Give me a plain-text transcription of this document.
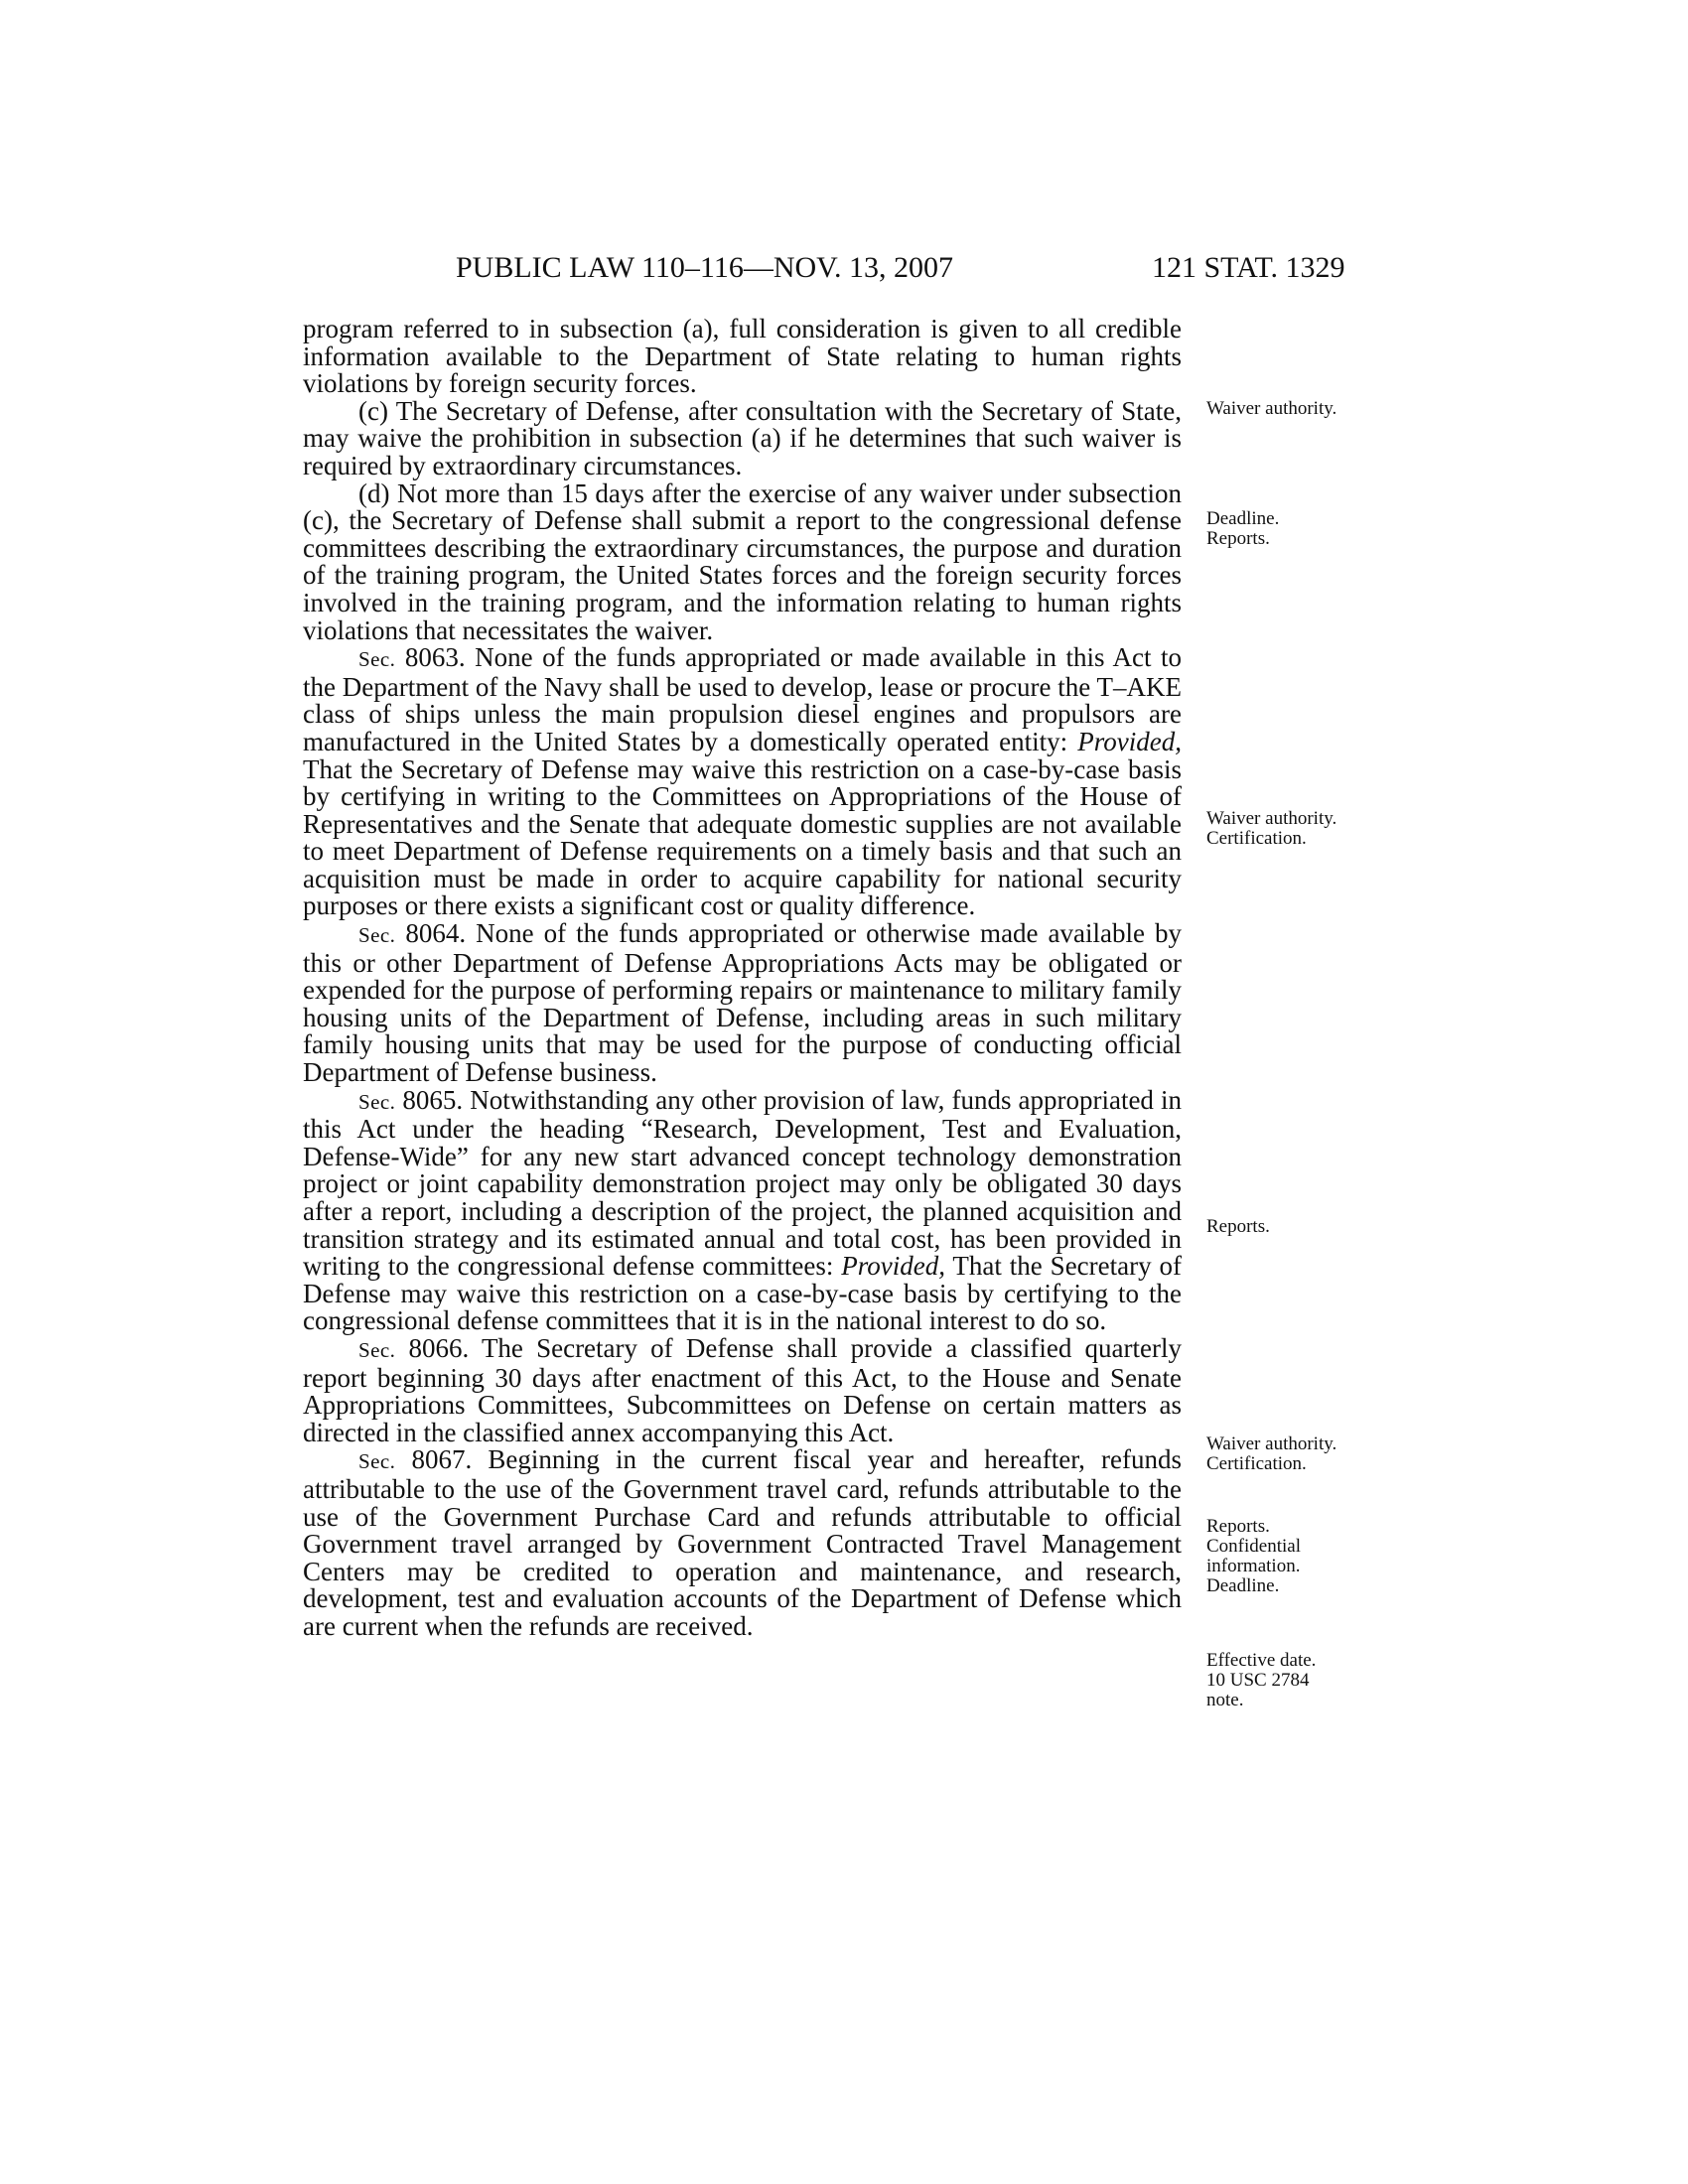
PUBLIC LAW 110–116—NOV. 13, 2007	121 STAT. 1329

program referred to in subsection (a), full consideration is given to all credible information available to the Department of State relating to human rights violations by foreign security forces.

(c) The Secretary of Defense, after consultation with the Secretary of State, may waive the prohibition in subsection (a) if he determines that such waiver is required by extraordinary circumstances.

(d) Not more than 15 days after the exercise of any waiver under subsection (c), the Secretary of Defense shall submit a report to the congressional defense committees describing the extraordinary circumstances, the purpose and duration of the training program, the United States forces and the foreign security forces involved in the training program, and the information relating to human rights violations that necessitates the waiver.

Sec. 8063. None of the funds appropriated or made available in this Act to the Department of the Navy shall be used to develop, lease or procure the T–AKE class of ships unless the main propulsion diesel engines and propulsors are manufactured in the United States by a domestically operated entity: Provided, That the Secretary of Defense may waive this restriction on a case-by-case basis by certifying in writing to the Committees on Appropriations of the House of Representatives and the Senate that adequate domestic supplies are not available to meet Department of Defense requirements on a timely basis and that such an acquisition must be made in order to acquire capability for national security purposes or there exists a significant cost or quality difference.

Sec. 8064. None of the funds appropriated or otherwise made available by this or other Department of Defense Appropriations Acts may be obligated or expended for the purpose of performing repairs or maintenance to military family housing units of the Department of Defense, including areas in such military family housing units that may be used for the purpose of conducting official Department of Defense business.

Sec. 8065. Notwithstanding any other provision of law, funds appropriated in this Act under the heading “Research, Development, Test and Evaluation, Defense-Wide” for any new start advanced concept technology demonstration project or joint capability demonstration project may only be obligated 30 days after a report, including a description of the project, the planned acquisition and transition strategy and its estimated annual and total cost, has been provided in writing to the congressional defense committees: Provided, That the Secretary of Defense may waive this restriction on a case-by-case basis by certifying to the congressional defense committees that it is in the national interest to do so.

Sec. 8066. The Secretary of Defense shall provide a classified quarterly report beginning 30 days after enactment of this Act, to the House and Senate Appropriations Committees, Subcommittees on Defense on certain matters as directed in the classified annex accompanying this Act.

Sec. 8067. Beginning in the current fiscal year and hereafter, refunds attributable to the use of the Government travel card, refunds attributable to the use of the Government Purchase Card and refunds attributable to official Government travel arranged by Government Contracted Travel Management Centers may be credited to operation and maintenance, and research, development, test and evaluation accounts of the Department of Defense which are current when the refunds are received.

Waiver authority.
Deadline.
Reports.
Waiver authority.
Certification.
Reports.
Waiver authority.
Certification.
Reports.
Confidential
information.
Deadline.
Effective date.
10 USC 2784
note.
